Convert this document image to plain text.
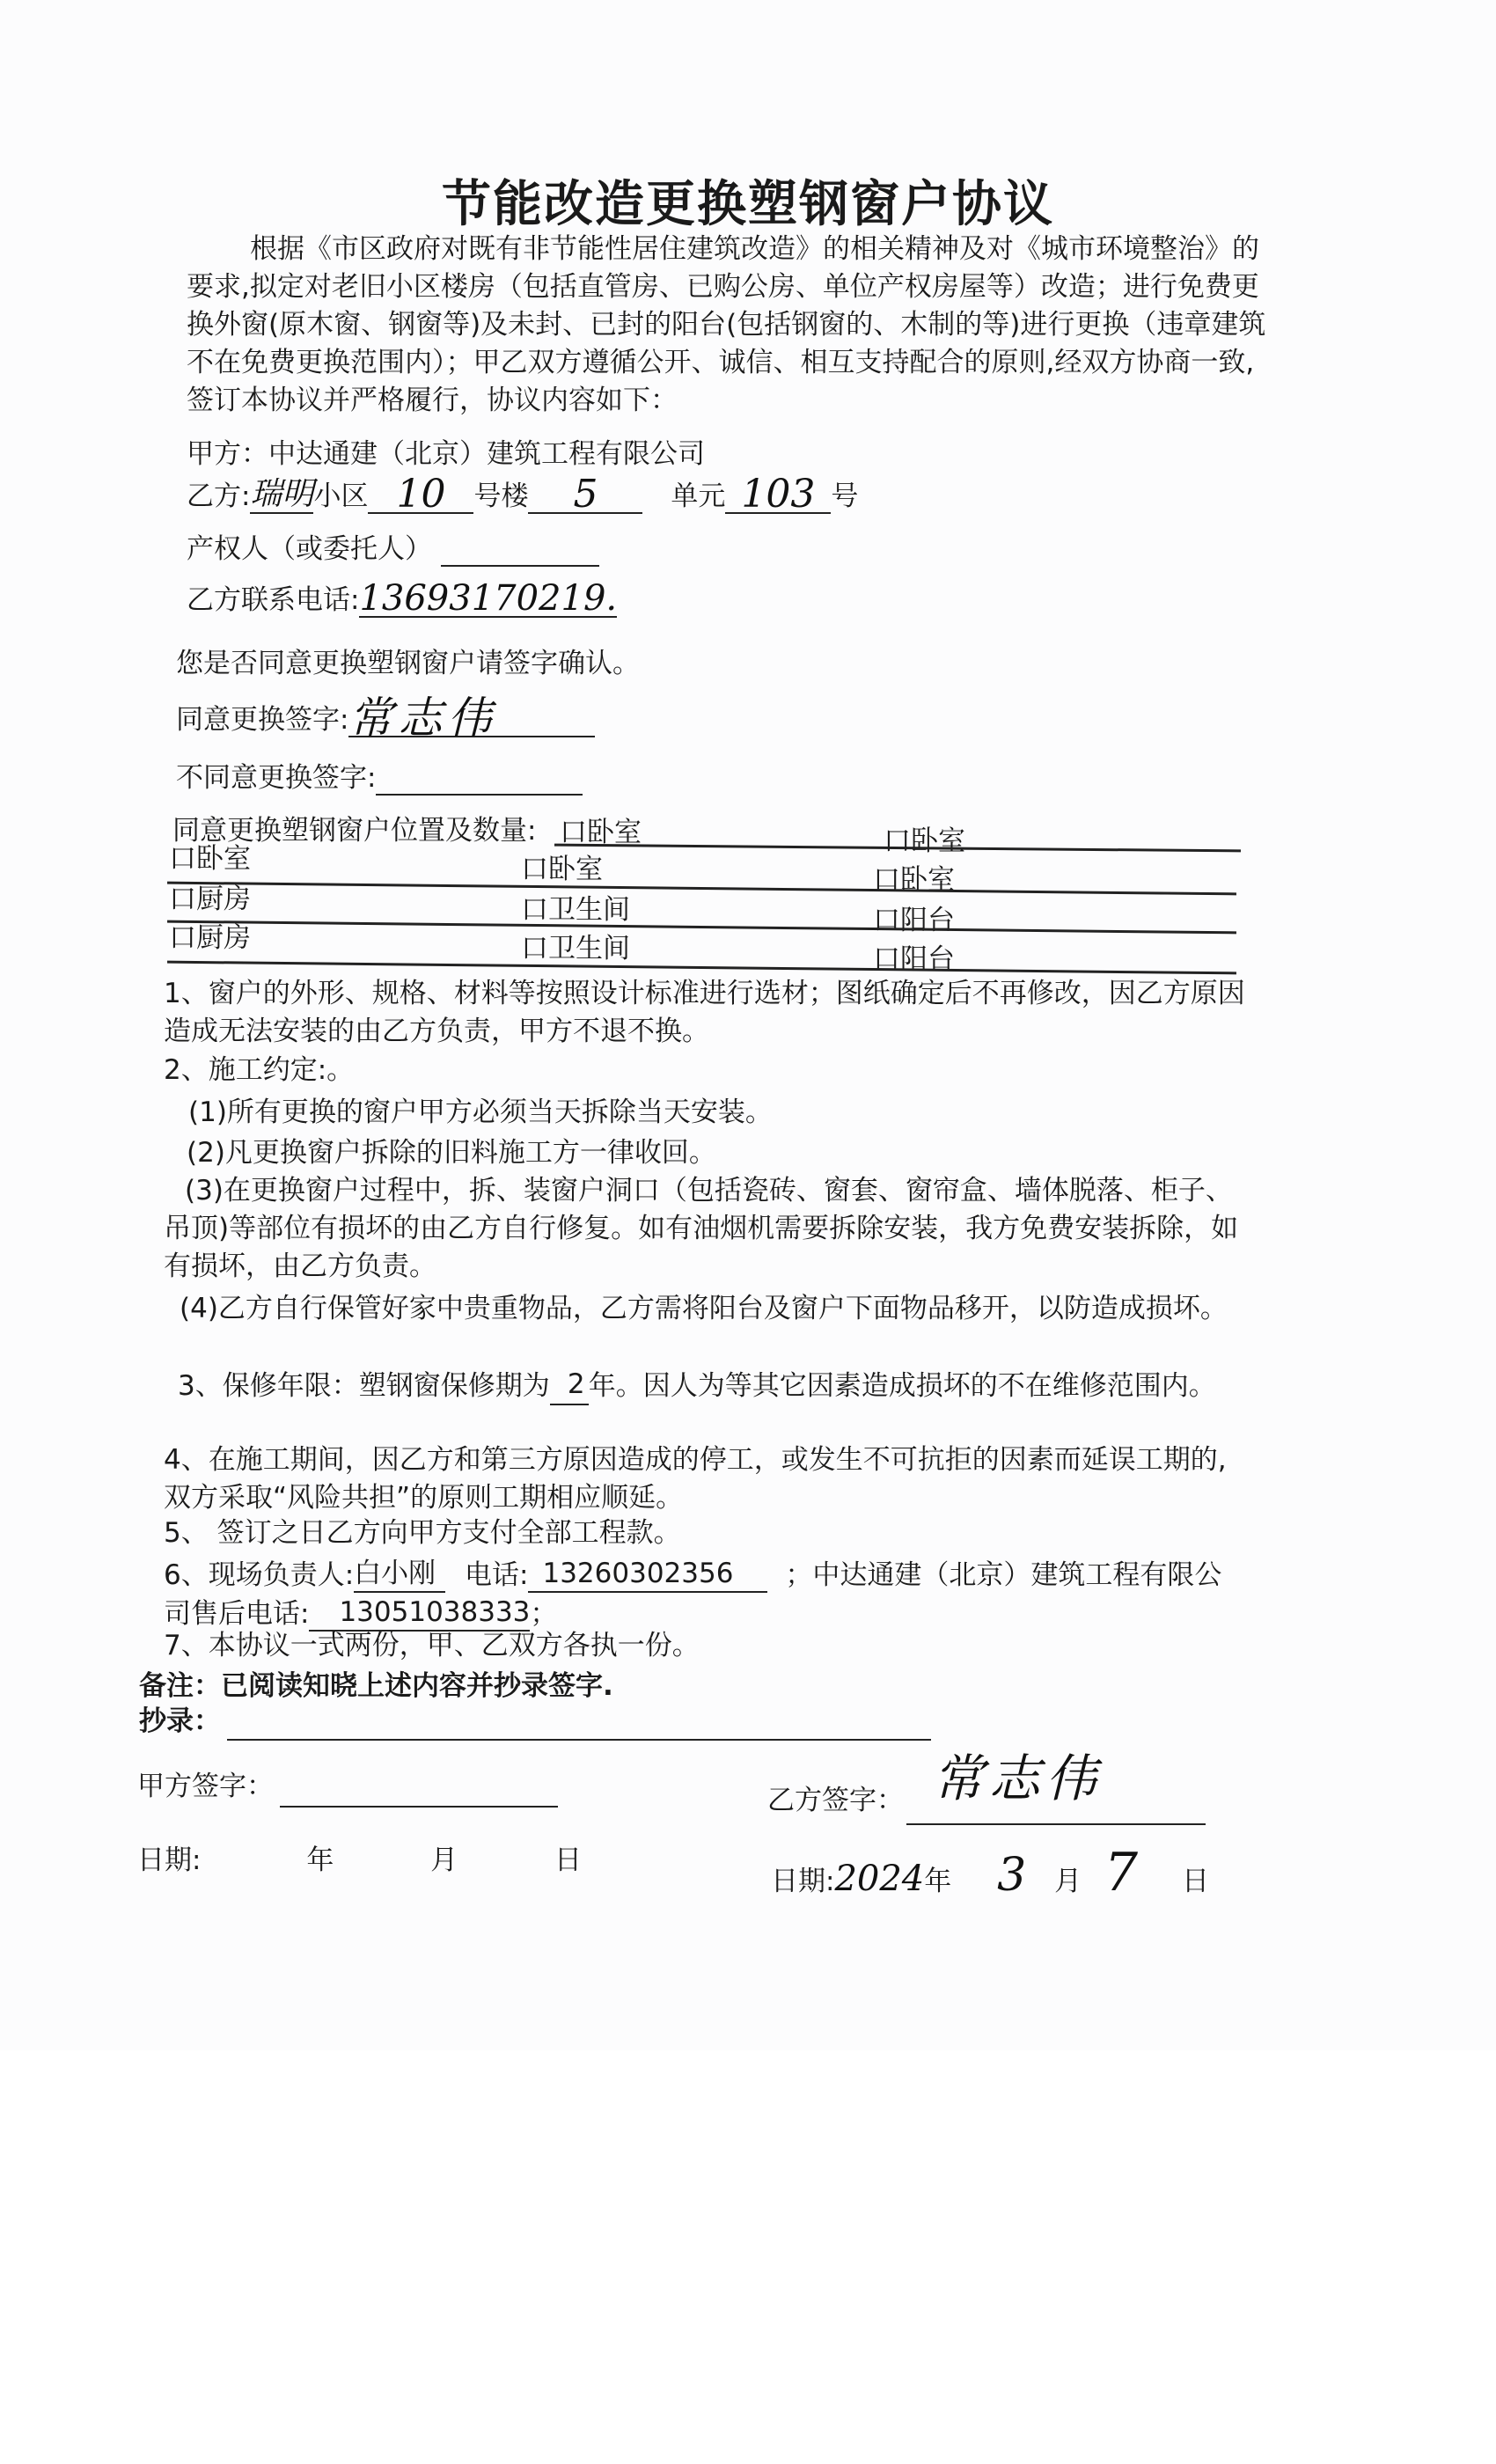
节能改造更换塑钢窗户协议
根据《市区政府对既有非节能性居住建筑改造》的相关精神及对《城市环境整治》的要求,拟定对老旧小区楼房（包括直管房、已购公房、单位产权房屋等）改造；进行免费更换外窗(原木窗、钢窗等)及未封、已封的阳台(包括钢窗的、木制的等)进行更换（违章建筑不在免费更换范围内）；甲乙双方遵循公开、诚信、相互支持配合的原则,经双方协商一致,签订本协议并严格履行，协议内容如下：
甲方：中达通建（北京）建筑工程有限公司
乙方:瑞明小区 10 号楼 5	单元 103 号
产权人（或委托人）
乙方联系电话:13693170219.
您是否同意更换塑钢窗户请签字确认。
同意更换签字:常志伟
不同意更换签字:
同意更换塑钢窗户位置及数量: 口卧室	口卧室
口卧室	口卧室	口卧室
口厨房	口卫生间	口阳台
口厨房	口卫生间	口阳台
1、窗户的外形、规格、材料等按照设计标准进行选材；图纸确定后不再修改，因乙方原因造成无法安装的由乙方负责，甲方不退不换。
2、施工约定:。
(1)所有更换的窗户甲方必须当天拆除当天安装。
(2)凡更换窗户拆除的旧料施工方一律收回。
(3)在更换窗户过程中，拆、装窗户洞口（包括瓷砖、窗套、窗帘盒、墙体脱落、柜子、吊顶)等部位有损坏的由乙方自行修复。如有油烟机需要拆除安装，我方免费安装拆除，如有损坏，由乙方负责。
(4)乙方自行保管好家中贵重物品，乙方需将阳台及窗户下面物品移开，以防造成损坏。
3、保修年限：塑钢窗保修期为 2 年。因人为等其它因素造成损坏的不在维修范围内。
4、在施工期间，因乙方和第三方原因造成的停工，或发生不可抗拒的因素而延误工期的,双方采取“风险共担”的原则工期相应顺延。
5、 签订之日乙方向甲方支付全部工程款。
6、现场负责人:白小刚 电话: 13260302356 ；中达通建（北京）建筑工程有限公
司售后电话: 13051038333；
7、本协议一式两份，甲、乙双方各执一份。
备注：已阅读知晓上述内容并抄录签字.
抄录：
甲方签字：	乙方签字： 常志伟
日期:	年	月	日
日期:2024年 3 月 7 日
